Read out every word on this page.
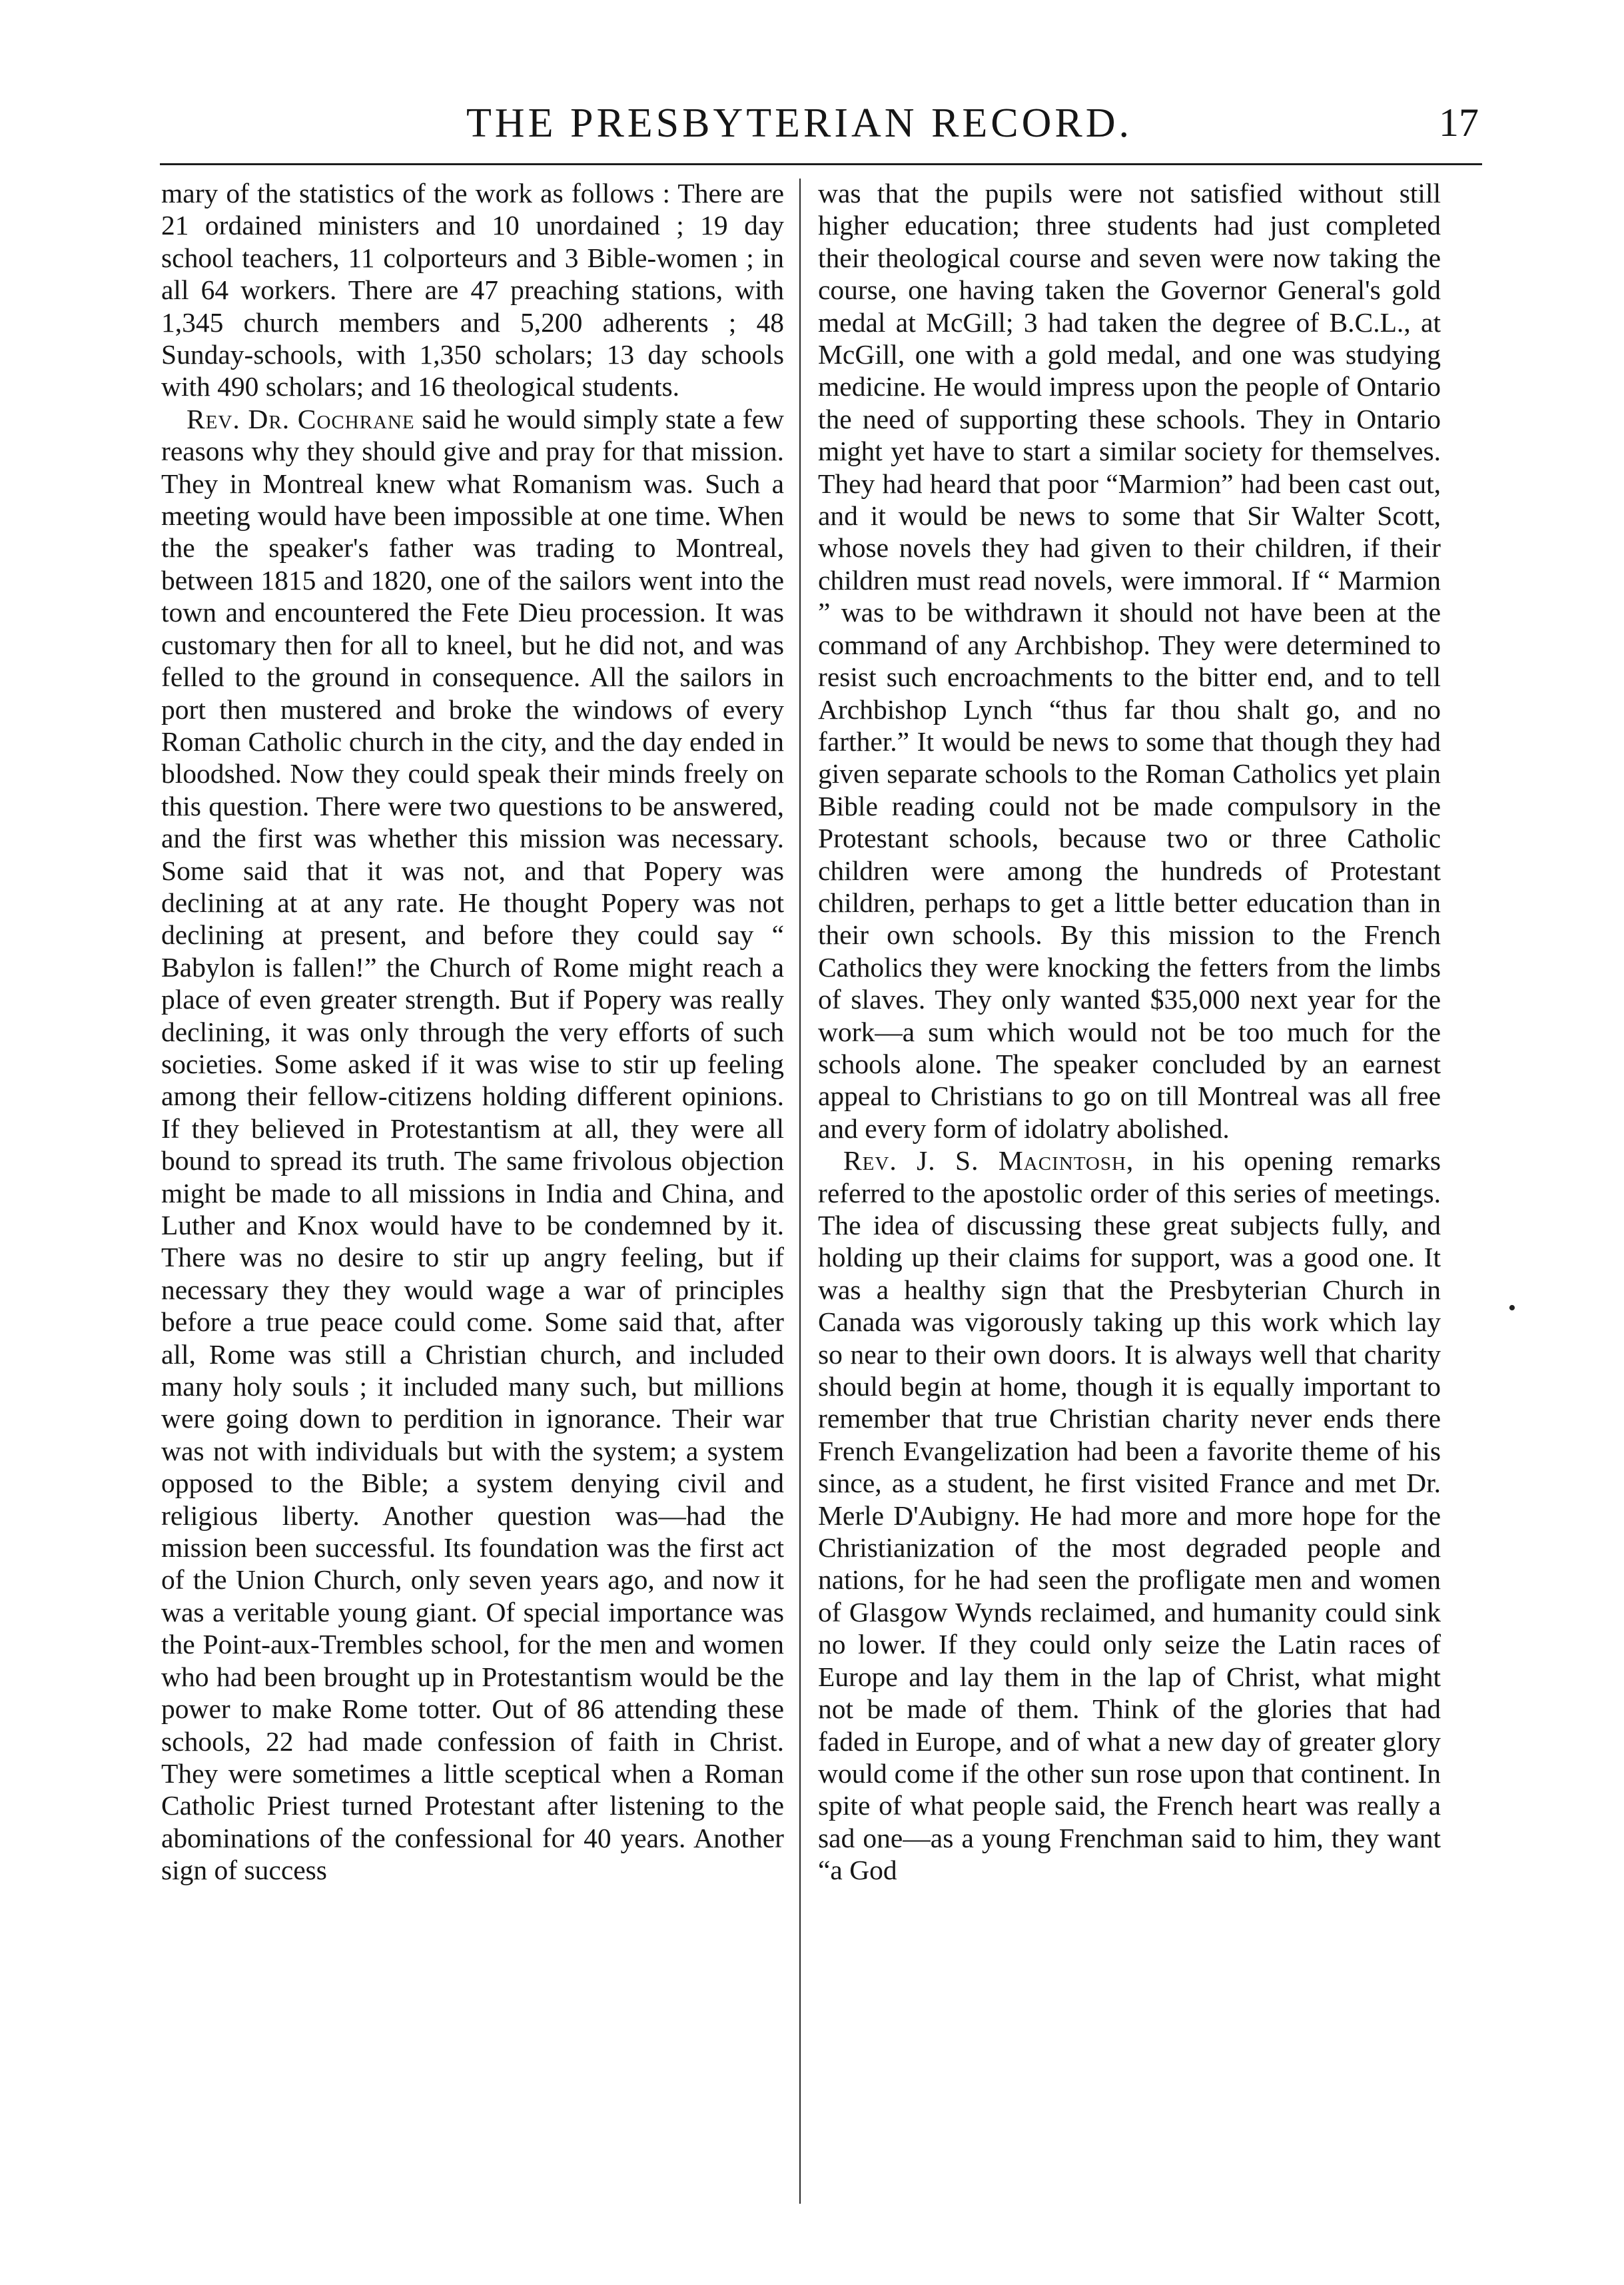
THE PRESBYTERIAN RECORD.	17

mary of the statistics of the work as follows : There are 21 ordained ministers and 10 unordained ; 19 day school teachers, 11 colporteurs and 3 Bible-women ; in all 64 workers. There are 47 preaching stations, with 1,345 church members and 5,200 adherents ; 48 Sunday-schools, with 1,350 scholars; 13 day schools with 490 scholars; and 16 theological students.

Rev. Dr. Cochrane said he would simply state a few reasons why they should give and pray for that mission. They in Montreal knew what Romanism was. Such a meeting would have been impossible at one time. When the the speaker's father was trading to Montreal, between 1815 and 1820, one of the sailors went into the town and encountered the Fete Dieu procession. It was customary then for all to kneel, but he did not, and was felled to the ground in consequence. All the sailors in port then mustered and broke the windows of every Roman Catholic church in the city, and the day ended in bloodshed. Now they could speak their minds freely on this question. There were two questions to be answered, and the first was whether this mission was necessary. Some said that it was not, and that Popery was declining at at any rate. He thought Popery was not declining at present, and before they could say “ Babylon is fallen!” the Church of Rome might reach a place of even greater strength. But if Popery was really declining, it was only through the very efforts of such societies. Some asked if it was wise to stir up feeling among their fellow-citizens holding different opinions. If they believed in Protestantism at all, they were all bound to spread its truth. The same frivolous objection might be made to all missions in India and China, and Luther and Knox would have to be condemned by it. There was no desire to stir up angry feeling, but if necessary they they would wage a war of principles before a true peace could come. Some said that, after all, Rome was still a Christian church, and included many holy souls ; it included many such, but millions were going down to perdition in ignorance. Their war was not with individuals but with the system; a system opposed to the Bible; a system denying civil and religious liberty. Another question was—had the mission been successful. Its foundation was the first act of the Union Church, only seven years ago, and now it was a veritable young giant. Of special importance was the Point-aux-Trembles school, for the men and women who had been brought up in Protestantism would be the power to make Rome totter. Out of 86 attending these schools, 22 had made confession of faith in Christ. They were sometimes a little sceptical when a Roman Catholic Priest turned Protestant after listening to the abominations of the confessional for 40 years. Another sign of success

was that the pupils were not satisfied without still higher education; three students had just completed their theological course and seven were now taking the course, one having taken the Governor General's gold medal at McGill; 3 had taken the degree of B.C.L., at McGill, one with a gold medal, and one was studying medicine. He would impress upon the people of Ontario the need of supporting these schools. They in Ontario might yet have to start a similar society for themselves. They had heard that poor “Marmion” had been cast out, and it would be news to some that Sir Walter Scott, whose novels they had given to their children, if their children must read novels, were immoral. If “ Marmion ” was to be withdrawn it should not have been at the command of any Archbishop. They were determined to resist such encroachments to the bitter end, and to tell Archbishop Lynch “thus far thou shalt go, and no farther.” It would be news to some that though they had given separate schools to the Roman Catholics yet plain Bible reading could not be made compulsory in the Protestant schools, because two or three Catholic children were among the hundreds of Protestant children, perhaps to get a little better education than in their own schools. By this mission to the French Catholics they were knocking the fetters from the limbs of slaves. They only wanted $35,000 next year for the work—a sum which would not be too much for the schools alone. The speaker concluded by an earnest appeal to Christians to go on till Montreal was all free and every form of idolatry abolished.

Rev. J. S. Macintosh, in his opening remarks referred to the apostolic order of this series of meetings. The idea of discussing these great subjects fully, and holding up their claims for support, was a good one. It was a healthy sign that the Presbyterian Church in Canada was vigorously taking up this work which lay so near to their own doors. It is always well that charity should begin at home, though it is equally important to remember that true Christian charity never ends there French Evangelization had been a favorite theme of his since, as a student, he first visited France and met Dr. Merle D'Aubigny. He had more and more hope for the Christianization of the most degraded people and nations, for he had seen the profligate men and women of Glasgow Wynds reclaimed, and humanity could sink no lower. If they could only seize the Latin races of Europe and lay them in the lap of Christ, what might not be made of them. Think of the glories that had faded in Europe, and of what a new day of greater glory would come if the other sun rose upon that continent. In spite of what people said, the French heart was really a sad one—as a young Frenchman said to him, they want “a God

•
